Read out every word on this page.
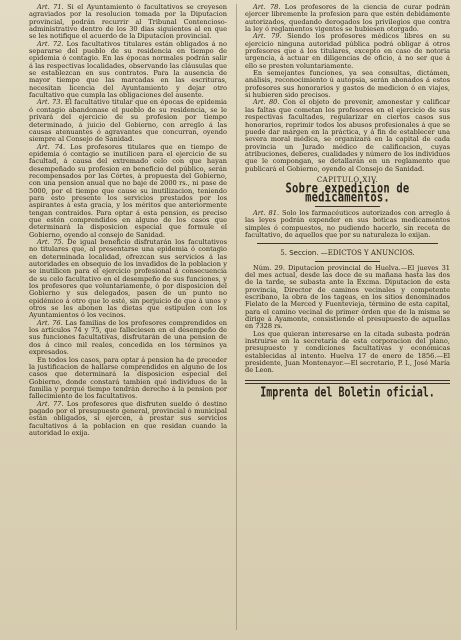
Art. 71. Si el Ayuntamiento ó facultativos se creyesen agraviados por la resolucion tomada por la Diputacion provincial, podrán recurrir al Tribunal Contencioso-administrativo dentro de los 30 dias siguientes al en que se les notifique el acuerdo de la Diputacion provincial.

Art. 72. Los facultativos titulares están obligados á no separarse del pueblo de su residencia en tiempo de epidemia ó contagio. En las épocas normales podrán salir á las respectivas localidades, observando las cláusulas que se establezcan en sus contratos. Para la ausencia de mayor tiempo que las marcadas en las escrituras, necesitan licencia del Ayuntamiento y dejar otro facultativo que cumpla las obligaciones del ausente.

Art. 73. El facultativo titular que en épocas de epidemia ó contagio abandonase el pueblo de su residencia, se le privará del ejercicio de su profesion por tiempo determinado, á juicio del Gobierno, con arreglo á las causas atenuantes ó agravantes que concurran, oyendo siempre al Consejo de Sanidad.

Art. 74. Los profesores titulares que en tiempo de epidemia ó contagio se inutilicen para el ejercicio de su facultad, á causa del extremado celo con que hayan desempeñado su profesion en beneficio del público, serán recompensados por las Córtes, á propuesta del Gobierno, con una pension anual que no baje de 2000 rs., ni pase de 5000, por el tiempo que cause su inutilizacion, teniendo para esto presente los servicios prestados por los aspirantes á esta gracia, y los méritos que anteriormente tengan contraidos. Para optar á esta pension, es preciso que estén comprendidos en alguno de los casos que determinará la disposicion especial que formule el Gobierno, oyendo al consejo de Sanidad.

Art. 75. De igual beneficio disfrutarán los facultativos no titulares que, al presentarse una epidemia ó contagio en determinada localidad, ofrezcan sus servicios á las autoridades en obsequio de los invadidos de la poblacion y se inutilicen para el ejercicio profesional á consecuencia de su celo facultativo en el desempeño de sus funciones, y los profesores que voluntariamente, ó por disposicion del Gobierno y sus delegados, pasen de un punto no epidémico á otro que lo esté, sin perjuicio de que á unos y otros se les abonen las dietas que estipulen con los Ayuntamientos ó los vecinos.

Art. 76. Las familias de los profesores comprendidos en los artículos 74 y 75, que falleciesen en el desempeño de sus funciones facultativas, disfrutarán de una pension de dos á cinco mil reales, concedida en los términos ya expresados.

En todos los casos, para optar á pension ha de preceder la justificacion de hallarse comprendidos en alguno de los casos que determinará la disposicion especial del Gobierno, donde constará tambien qué individuos de la familia y porqué tiempo tendrán derecho á la pension por fallecimiento de los facultativos.

Art. 77. Los profesores que disfruten sueldo ó destino pagado por el presupuesto general, provincial ó municipal están obligados, si ejercen, á prestar sus servicios facultativos á la poblacion en que residan cuando la autoridad lo exija.

Art. 78. Los profesores de la ciencia de curar podrán ejercer libremente la profesion para que estén debidamente autorizados, quedando derogados los privilegios que contra la ley ó reglamentos vigentes se hubiesen otorgado.

Art. 79. Siendo los profesores médicos libres en su ejercicio ninguna autoridad pública podrá obligar á otros profesores que á los titulares, excepto en caso de notoria urgencia, á actuar en diligencias de oficio, á no ser que á ello se presten voluntariamente.

En semejantes funciones, ya sea consultas, dictámen, análisis, reconocimiento ú autopsia, serán abonados á estos profesores sus honorarios y gastos de medicion ó en viajes, si hubieren sido precisos.

Art. 80. Con el objeto de prevenir, amonestar y calificar las faltas que cometan los profesores en el ejercicio de sus respectivas facultades, regularizar en ciertos casos sus honorarios, reprimir todos los abusos profesionales á que se puede dar márgen en la práctica, y á fin de establecer una severa moral médica, se organizará en la capital de cada provincia un Jurado médico de calificacion, cuyas atribuciones, deberes, cualidades y número de los individuos que le compongan, se detallarán en un reglamento que publicará el Gobierno, oyendo al Consejo de Sanidad.

CAPITULO XIV.
Sobre expedicion de medicamentos.

Art. 81. Solo los farmacéuticos autorizados con arreglo á las leyes podrán expender en sus boticas medicamentos simples ó compuestos, no pudiendo hacerlo, sin receta de facultativo, de aquellos que por su naturaleza lo exijan.

5. Seccion. —EDICTOS Y ANUNCIOS.

Núm. 29. Diputacion provincial de Huelva.—El jueves 31 del mes actual, desde las doce de su mañana hasta las dos de la tarde, se subasta ante la Excma. Diputacion de esta provincia, Director de caminos vecinales y competente escribano, la obra de los tageas, en los sitios denominados Fielato de la Merced y Fuenteviejа, término de esta capital, para el camino vecinal de primer órden que de la misma se dirige á Ayamonte, consistiendo el presupuesto de aquellas en 7328 rs.

Los que quieran interesarse en la citada subasta podrán instruirse en la secretaría de esta corporacion del plano, presupuesto y condiciones facultativas y económicas establecidas al intento. Huelva 17 de enero de 1856.—El presidente, Juan Montenayor.—El secretario, P. I., José María de Leon.

Imprenta del Boletin oficial.
